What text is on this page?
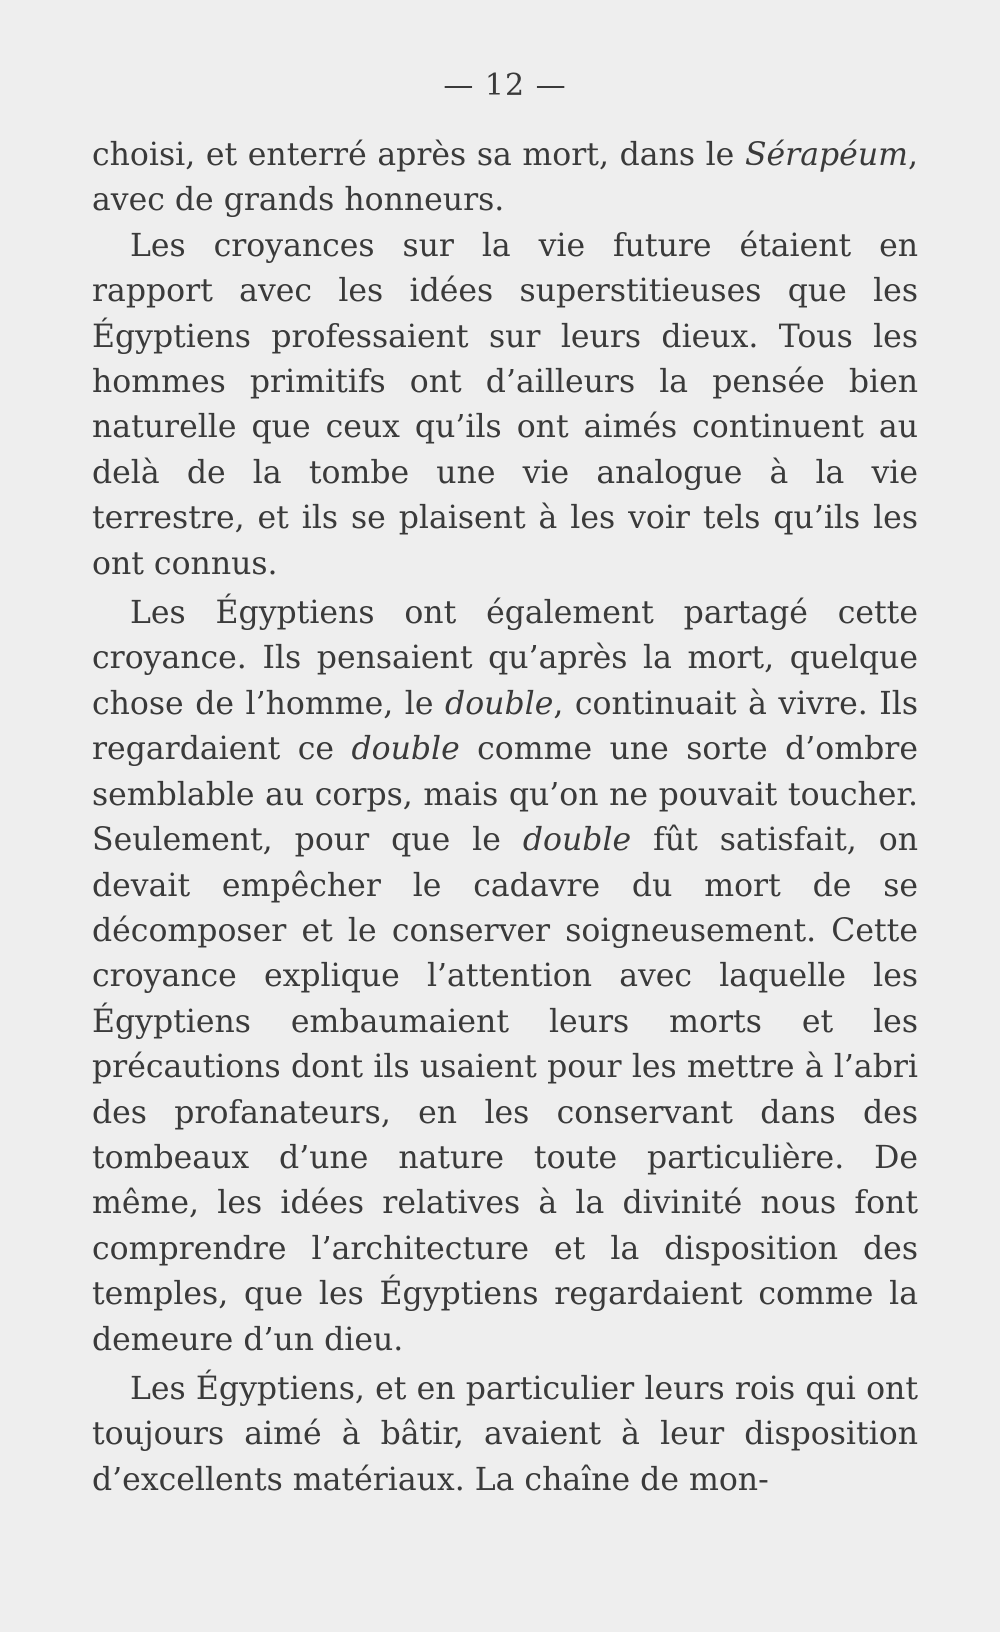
— 12 —

choisi, et enterré après sa mort, dans le Sérapéum, avec de grands honneurs.

Les croyances sur la vie future étaient en rapport avec les idées superstitieuses que les Égyptiens professaient sur leurs dieux. Tous les hommes primitifs ont d’ailleurs la pensée bien naturelle que ceux qu’ils ont aimés continuent au delà de la tombe une vie analogue à la vie terrestre, et ils se plaisent à les voir tels qu’ils les ont connus.

Les Égyptiens ont également partagé cette croyance. Ils pensaient qu’après la mort, quelque chose de l’homme, le double, continuait à vivre. Ils regardaient ce double comme une sorte d’ombre semblable au corps, mais qu’on ne pouvait toucher. Seulement, pour que le double fût satisfait, on devait empêcher le cadavre du mort de se décomposer et le conserver soigneusement. Cette croyance explique l’attention avec laquelle les Égyptiens embaumaient leurs morts et les précautions dont ils usaient pour les mettre à l’abri des profanateurs, en les conservant dans des tombeaux d’une nature toute particulière. De même, les idées relatives à la divinité nous font comprendre l’architecture et la disposition des temples, que les Égyptiens regardaient comme la demeure d’un dieu.

Les Égyptiens, et en particulier leurs rois qui ont toujours aimé à bâtir, avaient à leur disposition d’excellents matériaux. La chaîne de mon-
